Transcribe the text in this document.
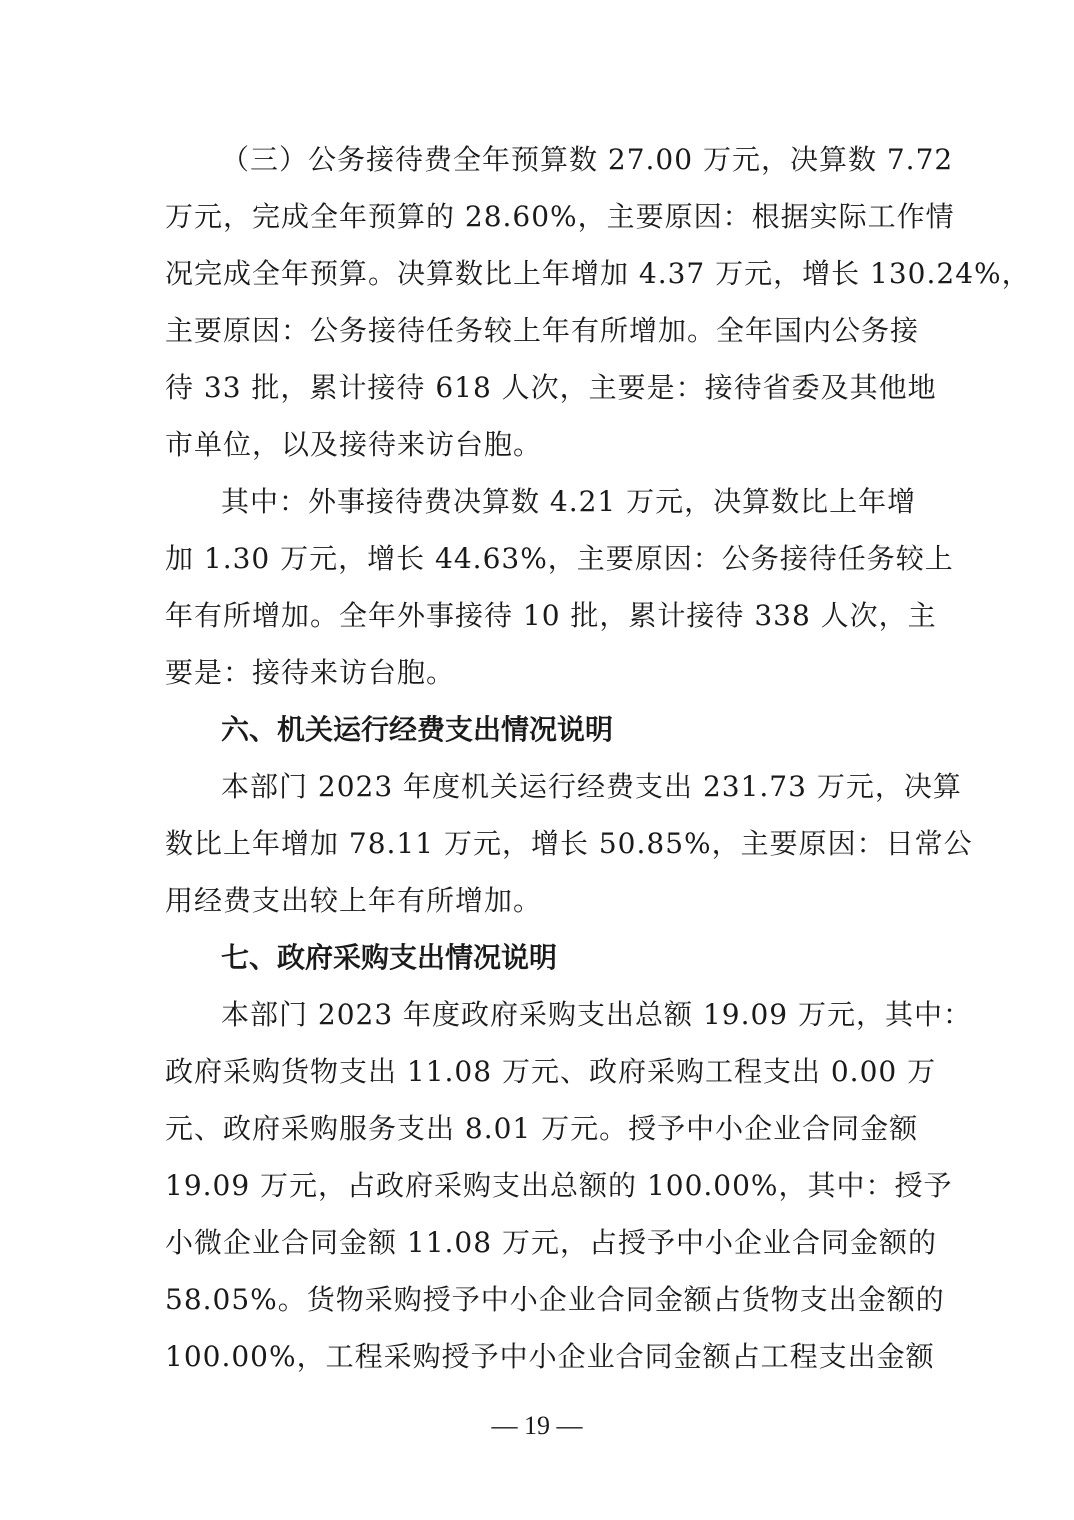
（三）公务接待费全年预算数 27.00 万元，决算数 7.72
万元，完成全年预算的 28.60%，主要原因：根据实际工作情
况完成全年预算。决算数比上年增加 4.37 万元，增长 130.24%，
主要原因：公务接待任务较上年有所增加。全年国内公务接
待 33 批，累计接待 618 人次，主要是：接待省委及其他地
市单位，以及接待来访台胞。
其中：外事接待费决算数 4.21 万元，决算数比上年增
加 1.30 万元，增长 44.63%，主要原因：公务接待任务较上
年有所增加。全年外事接待 10 批，累计接待 338 人次，主
要是：接待来访台胞。
六、机关运行经费支出情况说明
本部门 2023 年度机关运行经费支出 231.73 万元，决算
数比上年增加 78.11 万元，增长 50.85%，主要原因：日常公
用经费支出较上年有所增加。
七、政府采购支出情况说明
本部门 2023 年度政府采购支出总额 19.09 万元，其中：
政府采购货物支出 11.08 万元、政府采购工程支出 0.00 万
元、政府采购服务支出 8.01 万元。授予中小企业合同金额
19.09 万元，占政府采购支出总额的 100.00%，其中：授予
小微企业合同金额 11.08 万元，占授予中小企业合同金额的
58.05%。货物采购授予中小企业合同金额占货物支出金额的
100.00%，工程采购授予中小企业合同金额占工程支出金额
— 19 —
